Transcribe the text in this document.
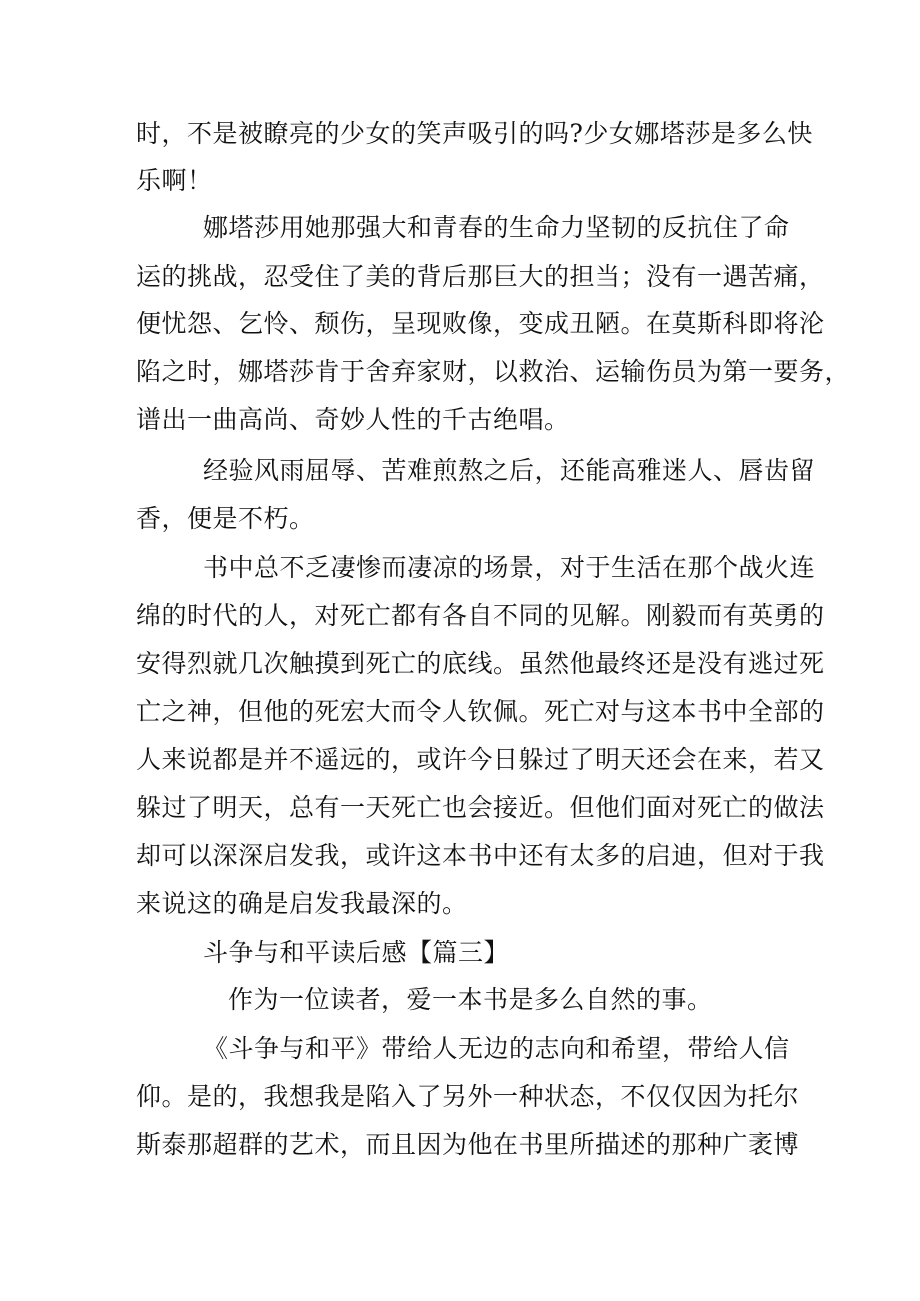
时，不是被瞭亮的少女的笑声吸引的吗?少女娜塔莎是多么快
乐啊！
娜塔莎用她那强大和青春的生命力坚韧的反抗住了命
运的挑战，忍受住了美的背后那巨大的担当；没有一遇苦痛，
便忧怨、乞怜、颓伤，呈现败像，变成丑陋。在莫斯科即将沦
陷之时，娜塔莎肯于舍弃家财，以救治、运输伤员为第一要务，
谱出一曲高尚、奇妙人性的千古绝唱。
经验风雨屈辱、苦难煎熬之后，还能高雅迷人、唇齿留
香，便是不朽。
书中总不乏凄惨而凄凉的场景，对于生活在那个战火连
绵的时代的人，对死亡都有各自不同的见解。刚毅而有英勇的
安得烈就几次触摸到死亡的底线。虽然他最终还是没有逃过死
亡之神，但他的死宏大而令人钦佩。死亡对与这本书中全部的
人来说都是并不遥远的，或许今日躲过了明天还会在来，若又
躲过了明天，总有一天死亡也会接近。但他们面对死亡的做法
却可以深深启发我，或许这本书中还有太多的启迪，但对于我
来说这的确是启发我最深的。
斗争与和平读后感【篇三】
作为一位读者，爱一本书是多么自然的事。
《斗争与和平》带给人无边的志向和希望，带给人信
仰。是的，我想我是陷入了另外一种状态，不仅仅因为托尔
斯泰那超群的艺术，而且因为他在书里所描述的那种广袤博
